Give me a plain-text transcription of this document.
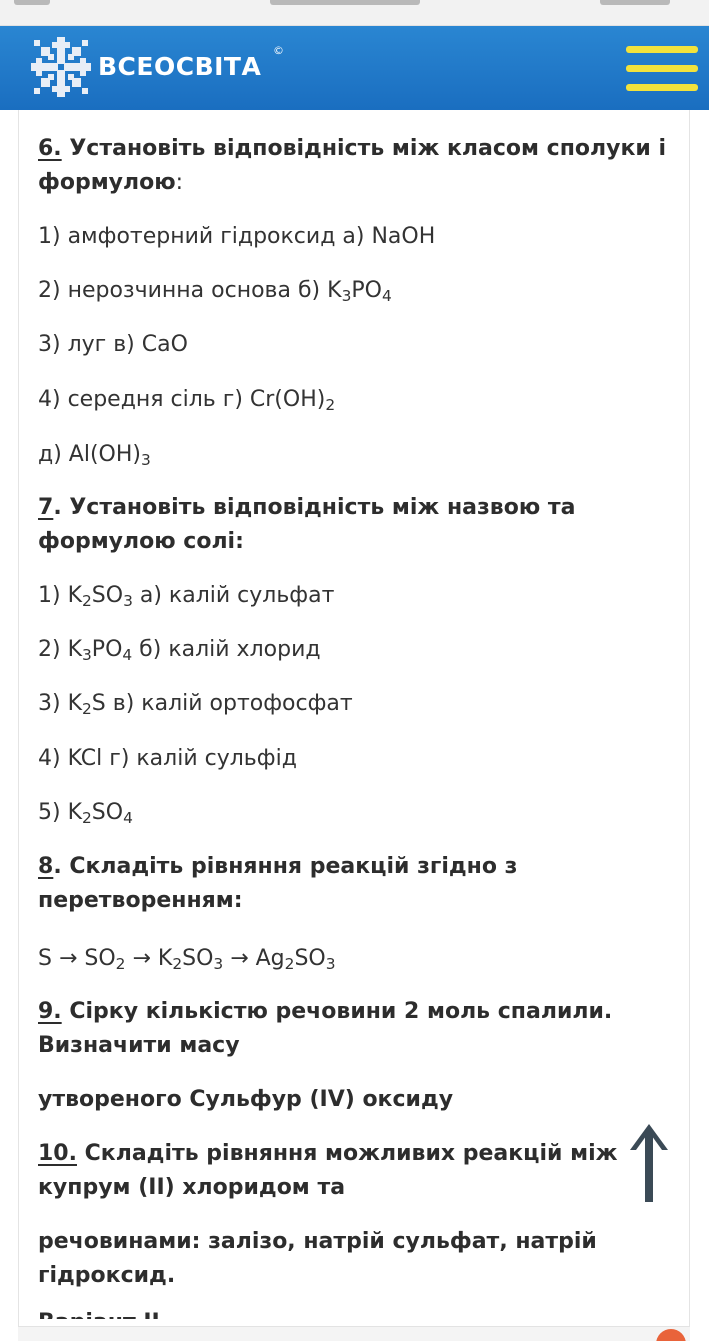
ВСЕОСВІТА
©
6. Установіть відповідність між класом сполуки і
формулою:
1) амфотерний гідроксид а) NaOH
2) нерозчинна основа б) $K_3PO_4$
3) луг в) CaO
4) середня сіль г) $Cr(OH)_2$
д) $Al(OH)_3$
7. Установіть відповідність між назвою та
формулою солі:
1) $K_2SO_3$ а) калій сульфат
2) $K_3PO_4$ б) калій хлорид
3) $K_2S$ в) калій ортофосфат
4) KCl г) калій сульфід
5) $K_2SO_4$
8. Складіть рівняння реакцій згідно з
перетворенням:
$S \to SO_2 \to K_2SO_3 \to Ag_2SO_3$
9. Сірку кількістю речовини 2 моль спалили.
Визначити масу
утвореного Сульфур (IV) оксиду
10. Складіть рівняння можливих реакцій між
купрум (II) хлоридом та
речовинами: залізо, натрій сульфат, натрій
гідроксид.
